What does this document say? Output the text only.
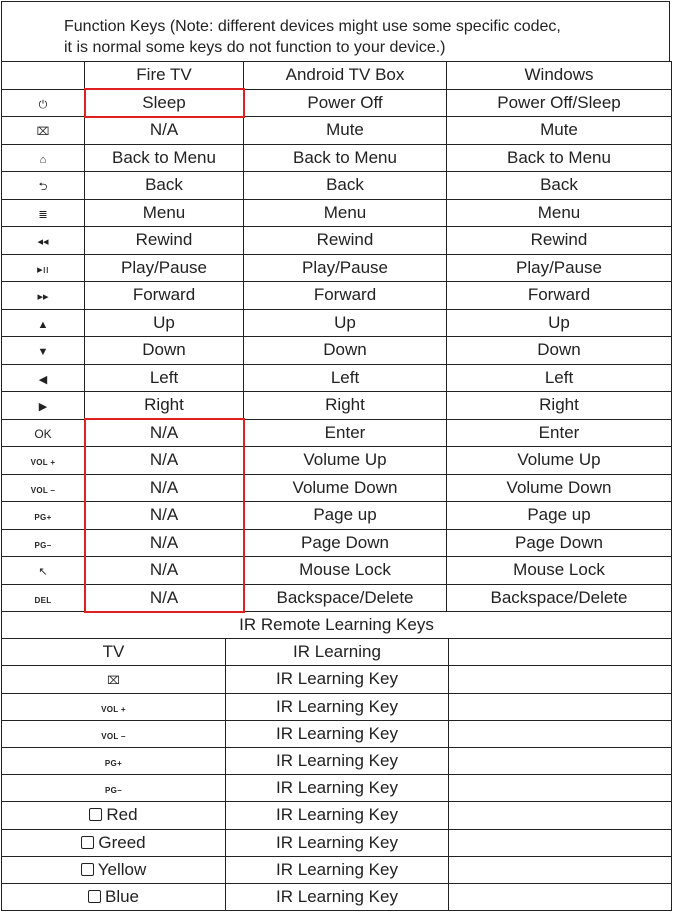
Function Keys (Note: different devices might use some specific codec,
it is normal some keys do not function to your device.)
	Fire TV	Android TV Box	Windows
⏻	Sleep	Power Off	Power Off/Sleep
⌧	N/A	Mute	Mute
⌂	Back to Menu	Back to Menu	Back to Menu
⮌	Back	Back	Back
≣	Menu	Menu	Menu
◂◂	Rewind	Rewind	Rewind
▸ıı	Play/Pause	Play/Pause	Play/Pause
▸▸	Forward	Forward	Forward
▲	Up	Up	Up
▼	Down	Down	Down
◀	Left	Left	Left
▶	Right	Right	Right
OK	N/A	Enter	Enter
VOL +	N/A	Volume Up	Volume Up
VOL –	N/A	Volume Down	Volume Down
PG+	N/A	Page up	Page up
PG–	N/A	Page Down	Page Down
↖	N/A	Mouse Lock	Mouse Lock
DEL	N/A	Backspace/Delete	Backspace/Delete
IR Remote Learning Keys		
TV	IR Learning	
⌧	IR Learning Key	
VOL +	IR Learning Key	
VOL –	IR Learning Key	
PG+	IR Learning Key	
PG–	IR Learning Key	
Red	IR Learning Key	
Greed	IR Learning Key	
Yellow	IR Learning Key	
Blue	IR Learning Key	
